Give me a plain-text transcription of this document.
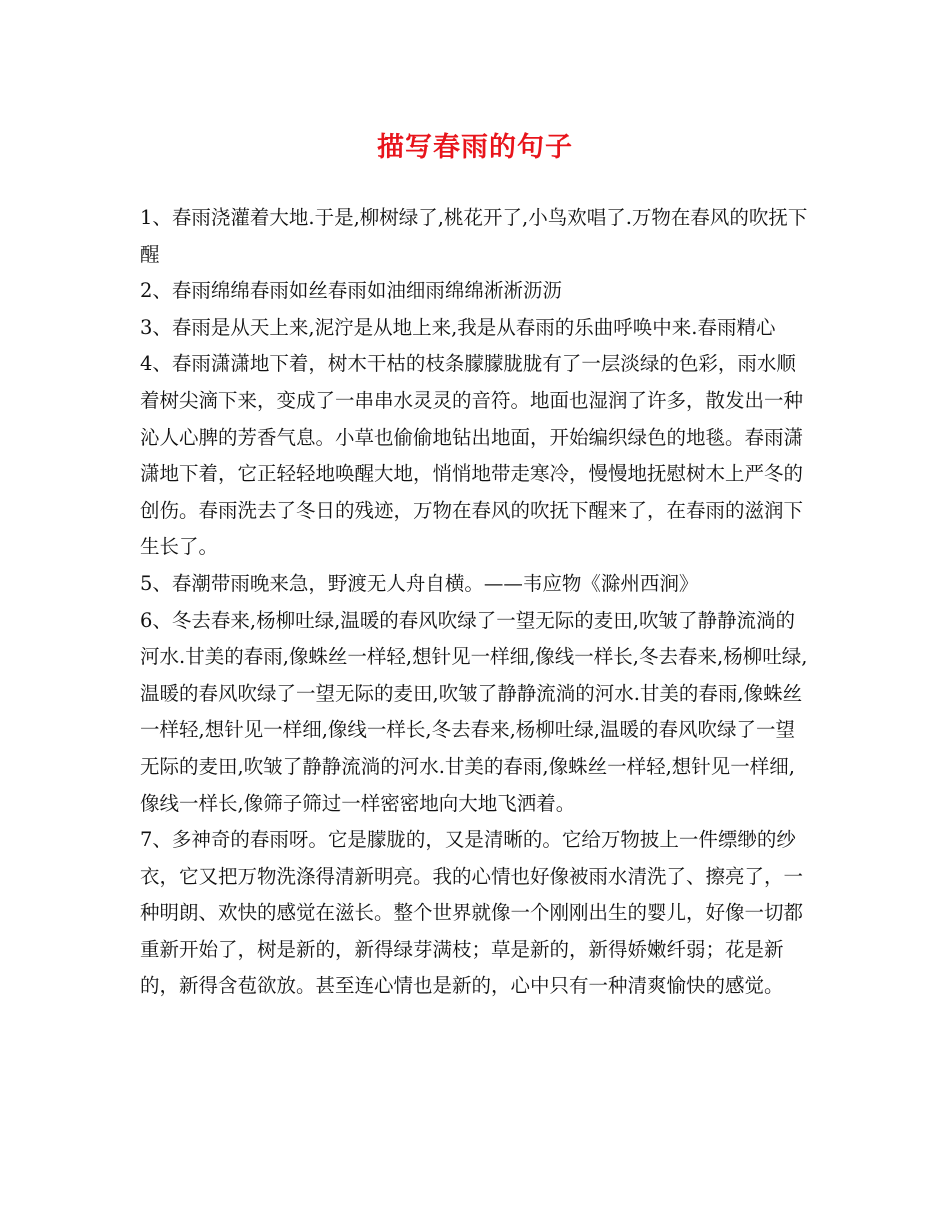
描写春雨的句子

1、春雨浇灌着大地.于是,柳树绿了,桃花开了,小鸟欢唱了.万物在春风的吹抚下醒

2、春雨绵绵春雨如丝春雨如油细雨绵绵淅淅沥沥

3、春雨是从天上来,泥泞是从地上来,我是从春雨的乐曲呼唤中来.春雨精心

4、春雨潇潇地下着，树木干枯的枝条朦朦胧胧有了一层淡绿的色彩，雨水顺着树尖滴下来，变成了一串串水灵灵的音符。地面也湿润了许多，散发出一种沁人心脾的芳香气息。小草也偷偷地钻出地面，开始编织绿色的地毯。春雨潇潇地下着，它正轻轻地唤醒大地，悄悄地带走寒冷，慢慢地抚慰树木上严冬的创伤。春雨洗去了冬日的残迹，万物在春风的吹抚下醒来了，在春雨的滋润下生长了。

5、春潮带雨晚来急，野渡无人舟自横。——韦应物《滁州西涧》

6、冬去春来,杨柳吐绿,温暖的春风吹绿了一望无际的麦田,吹皱了静静流淌的河水.甘美的春雨,像蛛丝一样轻,想针见一样细,像线一样长,冬去春来,杨柳吐绿,温暖的春风吹绿了一望无际的麦田,吹皱了静静流淌的河水.甘美的春雨,像蛛丝一样轻,想针见一样细,像线一样长,冬去春来,杨柳吐绿,温暖的春风吹绿了一望无际的麦田,吹皱了静静流淌的河水.甘美的春雨,像蛛丝一样轻,想针见一样细,像线一样长,像筛子筛过一样密密地向大地飞洒着。

7、多神奇的春雨呀。它是朦胧的，又是清晰的。它给万物披上一件缥缈的纱衣，它又把万物洗涤得清新明亮。我的心情也好像被雨水清洗了、擦亮了，一种明朗、欢快的感觉在滋长。整个世界就像一个刚刚出生的婴儿，好像一切都重新开始了，树是新的，新得绿芽满枝；草是新的，新得娇嫩纤弱；花是新的，新得含苞欲放。甚至连心情也是新的，心中只有一种清爽愉快的感觉。
